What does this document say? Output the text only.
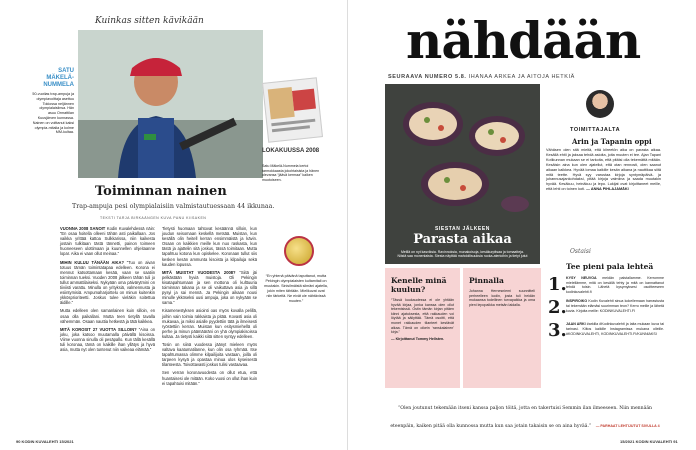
Kuinkas sitten kävikään
SATU MÄKELÄ-NUMMELA
50-vuotias trap-ampuja ja olympiavoittaja asettuu Tokiossa neljännen olympialaisiinsa. Hän asuu Ormattilan Kuusjärven kunnassa. Nainen on voittanut kaksi olympia-mitalia ja kolme MM-kultaa.
LOKAKUUSSA 2008
Satu Mäkelä-Nummela kertoi tarmokkaasta jokohtaisista ja hänen olevansa “jäävä kermaa” kaiken muotoiseen.
Toiminnan nainen
Trap-ampuja pesi olympialaisiin valmistautuessaan 44 ikkunaa.
TEKSTI TARJA BIRKAÄNGEN KUVA PANU KIISAKEN

VUONNA 2008 SANOIT Kodin Kuvalehdessä näin: “En osaa hoitella olleeni tähän asti paikallaan. Jos vaikka yrittää kattoa Sulkkarissa, niin kaikesta jostain tulkitaan tästä tännetti, painon toimeen huoneeseen ulottimaan ja kuunnellen ohjeitaanne lopar. Aika ei vaan ollut meinaa.”

MIHIN KULUU TÄNÄÄN AIKA? “Tuo on aivan totuus tämän toimintatapaa edelleen. Korona ei mennut katsottamaan kesää, vaan se saatiin toiminnan tueksi. Vuoden 2008 jälkeen tähän tuli jo tullut ammattilaiseksi. Nykyään oma päivärytmini on tiiviisti varattu. Minulla on yrityksiä, valmennusta ja esiintymisiä. Ampumaharjoittelu on minun kuitenkin ykkösprioriteetti. Joskus tulee vieläkin soitettua äidille.”

Mutta edelleen olen samanlainen kuin silloin, en osaa olla paikallani. Mutta teen tietyllä tavalla vähemmän. Osaan nauttia hetkestä ja tätä kaikkea.

MITÄ KOROSIT 27 VUOTTA SILLOIN? “Aina on joku, joka katsoo muutamalla päivällä kisoissa. Viime vuonna sinulla oli pesäpallo. Kun tällä kesällä tuli koronaa, tämä on kaikille ihan yllätys ja hyvä asia, mutta nyt olen tuntenut niin vaikeaa elämää.”

Tietysti huomaan tahtovat kesäännä silloin, kun joudun seisomaan keskellä metsää. Muistan, kun kesällä olin heitell kerran ensimmäistä ja kävin. Osaan on kaikkien meille kun nuo raskasta, kun tästä ja ajattelin sitä joskus, tässä toimitaan. Mutta tapahtuu kotona kun opiskelee. Koronaan tullut siis kesken kesän ammunta kisoista ja kilpailuja sekä kauden lopussa.

MITÄ MUISTAT VUODESTA 2008? “Siitä jäi pelkästään hyviä muistoja. Oli Pekingin kisatapahtumaan ja sen mottona oli kulttuuria toiminnan takana ja se oli vaikuttava asia ja sillä pysyi ja sai mennä. Ja Pekingin aikaan nousi minulle ykköseksi uusi ampuja, joka on nykyään se sama.”

Kisamenestyksen asiointi oas myös kovalla pelillä, joihin vain toimia rakkaista ja pitää. Kovasti asia oli mukavaa, ja miksi asialle pyydettiin tätä ja ilmeisesti ryöstettiin kerran. Muistan kun esitysmiehellä oli perhe ja minun päämääräni on yhä olympiakisoissa kultaa. Ja tietysti kaikki siitä sitten syntyy edelleen.

Tosin on siinä vuodessa jäänyt mieleen myös valtava kaatumatilanne, kun olin osa ryhmää. Itse tapahtumassa olimme kilpailijoita vastaan, joilla oli tarpeen kysyä ja opastaa minua ulos kyseisestä tilanteesta. Toivottavasti joskus tulisi vastaavaa.

Sen verran koronavuodesta on ollut etua, että huantaisesi ole mitään. Koko vuosi on ollut ihan kuin ei tapahtuisi mitään.”

“En yhtenä päivänä taputtanut, mutta Pekingin olympialaisten kultamitali on muutakin. Sinisilmäistä silmäni ajatella, jokin miten tähtään. Mielikuvat ovat niin tärkeitä. Ne eivät ole nähtävissä muuten.”
90 KODIN KUVALEHTI 15/2021
nähdään
SEURAAVA NUMERO 5.8. IHANAA ARKEA JA AITOJA HETKIÄ
SIESTAN JÄLKEEN
Parasta aikaa
Meillä on nyt kasviksia. Ravinnoksia, munakoisoja, kesäkurpitsaa ja tomaatteja. Niistä saa monenlaista. Siesta näyttää mahdollisuuksia ruoka-aterioihin ja tietyt jutut
TOIMITTAJALTA
Arin ja Tapanin oppi
Vähäsen olen sitä mieltä, että kiireetön aika on parasta aikaa. Kesällä ehtii ja jaksaa tehdä asioita, joita muuten ei tee. Ajan Tapani Kotikunnan mukaan se ei tarkoita, että pitäisi olla tekemättä mitään. Kesäisin aina kun olen ajatellut, että otan rennosti, olen saanut aikaan kaikkea. Hyvää lomaa kaikille kesän aikana ja nauttikaa siitä mitä teette. Hyvä syy varustaa kirjoja syntymäpäivä- ja juhannusajankohdaksi, pitää kirjoja valmiina ja saada muutakin hyvää. Kesäkuu, heinäkuu ja lepo. Lukijat ovat kirjoittaneet meille, että lehti on toinen koti. — ANNA PIHLAJAMÄKI
Ostaisi
Tee pieni pala lehteä
1. KYSY NEUVOA meidän palstallamme. Kerromme mielellämme, mitä on kesällä tehty ja mitä on kannattanut tehdä toisin. Lähetä kysymyksesi osoitteeseen kodinkuvalehti.fi
2. INSPIROIKO Kodin Kuvalehti sinua kokeilemaan harrastusta tai tekemään elämäsi suurimman teon? Kerro meille ja lähetä kuvia. Kirjoita meille: KODINKUVALEHTI.FI
3. JAAN ARKI #arkilla #Kodinkuvalehti ja laita mukaan kuva tai tarinasi. Kiitos kaikille Instagramissa mukana olleille. #KODINKUVALEHTI, KODINKUVALEHTI.FI/KUNNIAKSI
Kenelle minä kuulun?
“Tässä kuukaudessa ei ole yhtään hyvää kirjaa, jonka kanssa olen ollut tekemisissä. Ostin tämän kirjan pitäen kiinni ajatuksesta, että rakkauden voi löytää ja säilyttää. Tämä osoitti, että monet rakkauden tilanteet kestävät aikaa. Tämä on oikein ‘ranskalainen’ kirja.”
— Kirjoittanut Tommy Hellsten.
Pinnalla
Johanna Hernesniemi suunnitteli perheelleen kodin, josta tuli heidän mukaansa todellinen turvapaikka ja oma pieni lepopaikka metsän laidalla.
“Olen joutunut tekemään itseni kanssa paljon töitä, jotta en takertuisi Semmin ilan ilmeeseen. Niin mennään eteenpäin, kaiken pitää olla kunnossa mutta kun saa jotain takaisin se on aina hyvää.” — PARHAAT LEHTIJUTUT SIVULLA 4
15/2021 KODIN KUVALEHTI 91
